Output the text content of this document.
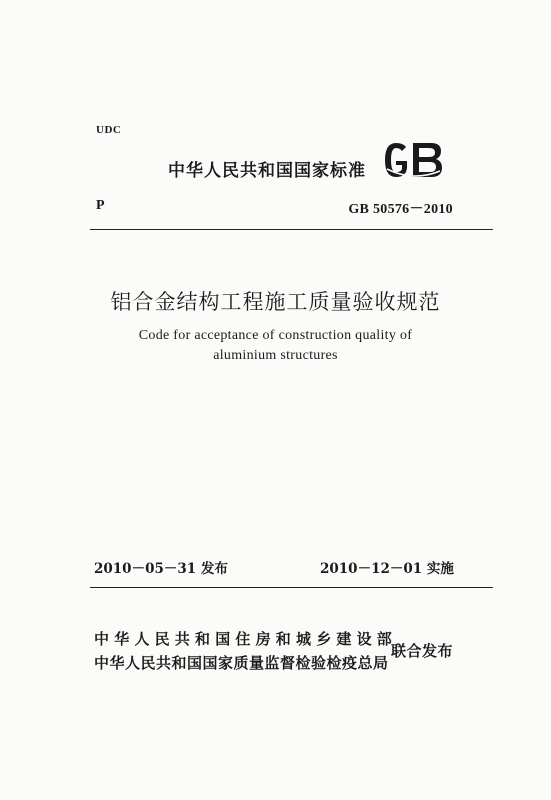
UDC
中华人民共和国国家标准
P	GB 50576－2010
铝合金结构工程施工质量验收规范
Code for acceptance of construction quality of
aluminium structures
2010－05－31 发布	2010－12－01 实施
中华人民共和国住房和城乡建设部
中华人民共和国国家质量监督检验检疫总局
联合发布
